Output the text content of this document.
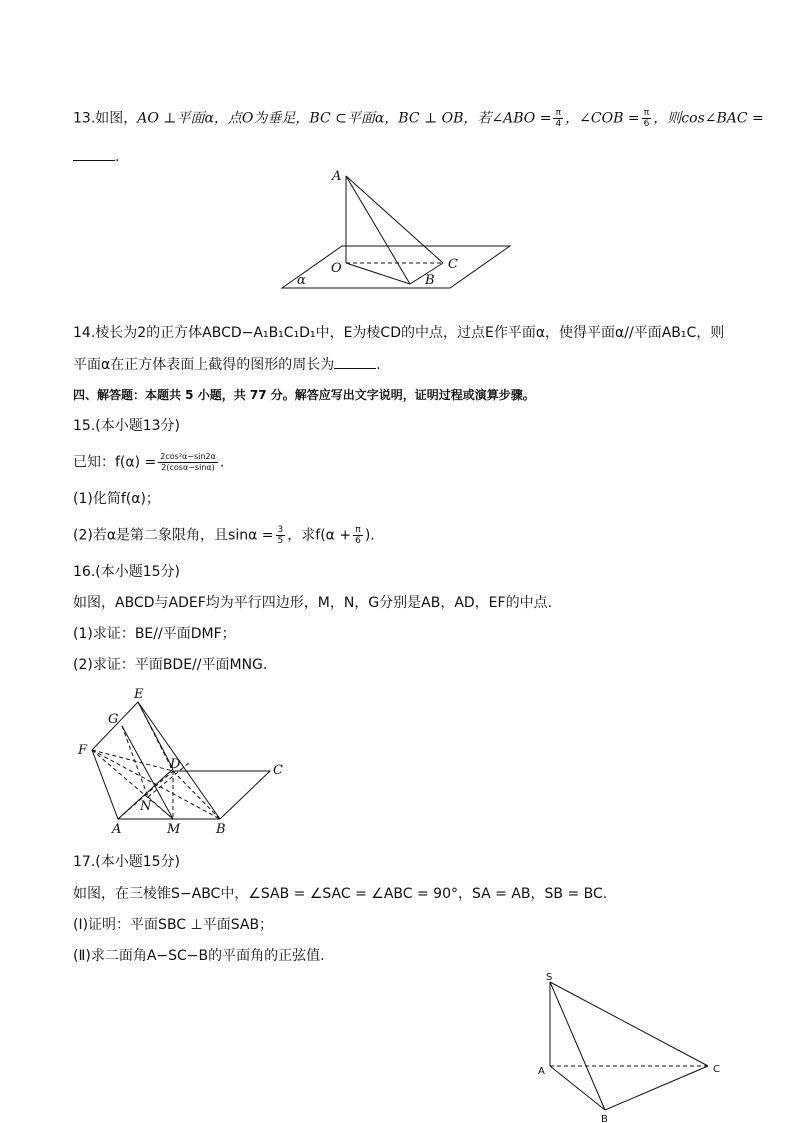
13.如图，AO ⊥平面α，点O为垂足，BC ⊂平面α，BC ⊥ OB，若∠ABO = $\frac{\pi}{4}$ ，∠COB = $\frac{\pi}{6}$ ，则cos∠BAC =
.
A
O
B
C
α
14.棱长为2的正方体ABCD−A₁B₁C₁D₁中，E为棱CD的中点，过点E作平面α，使得平面α//平面AB₁C，则
平面α在正方体表面上截得的图形的周长为	.
四、解答题：本题共 5 小题，共 77 分。解答应写出文字说明，证明过程或演算步骤。
15.(本小题13分)
已知：$f(\alpha) = \frac{\text{2cos²α−sin2α}}{2(\cos\alpha-\sin\alpha)}$ .
(1)化简f(α)；
(2)若α是第二象限角，且$\sin\alpha = \frac{3}{5}$ ，求$f(\alpha + \frac{\pi}{6}$ ).
16.(本小题15分)
如图，ABCD与ADEF均为平行四边形，M，N，G分别是AB，AD，EF的中点.
(1)求证：BE//平面DMF；
(2)求证：平面BDE//平面MNG.
E
G
F
D	C
N
A	M	B
17.(本小题15分)
如图，在三棱锥S−ABC中，∠SAB = ∠SAC = ∠ABC = 90°，SA = AB，SB = BC.
(Ⅰ)证明：平面SBC ⊥平面SAB；
(Ⅱ)求二面角A−SC−B的平面角的正弦值.
S
A	C
B
